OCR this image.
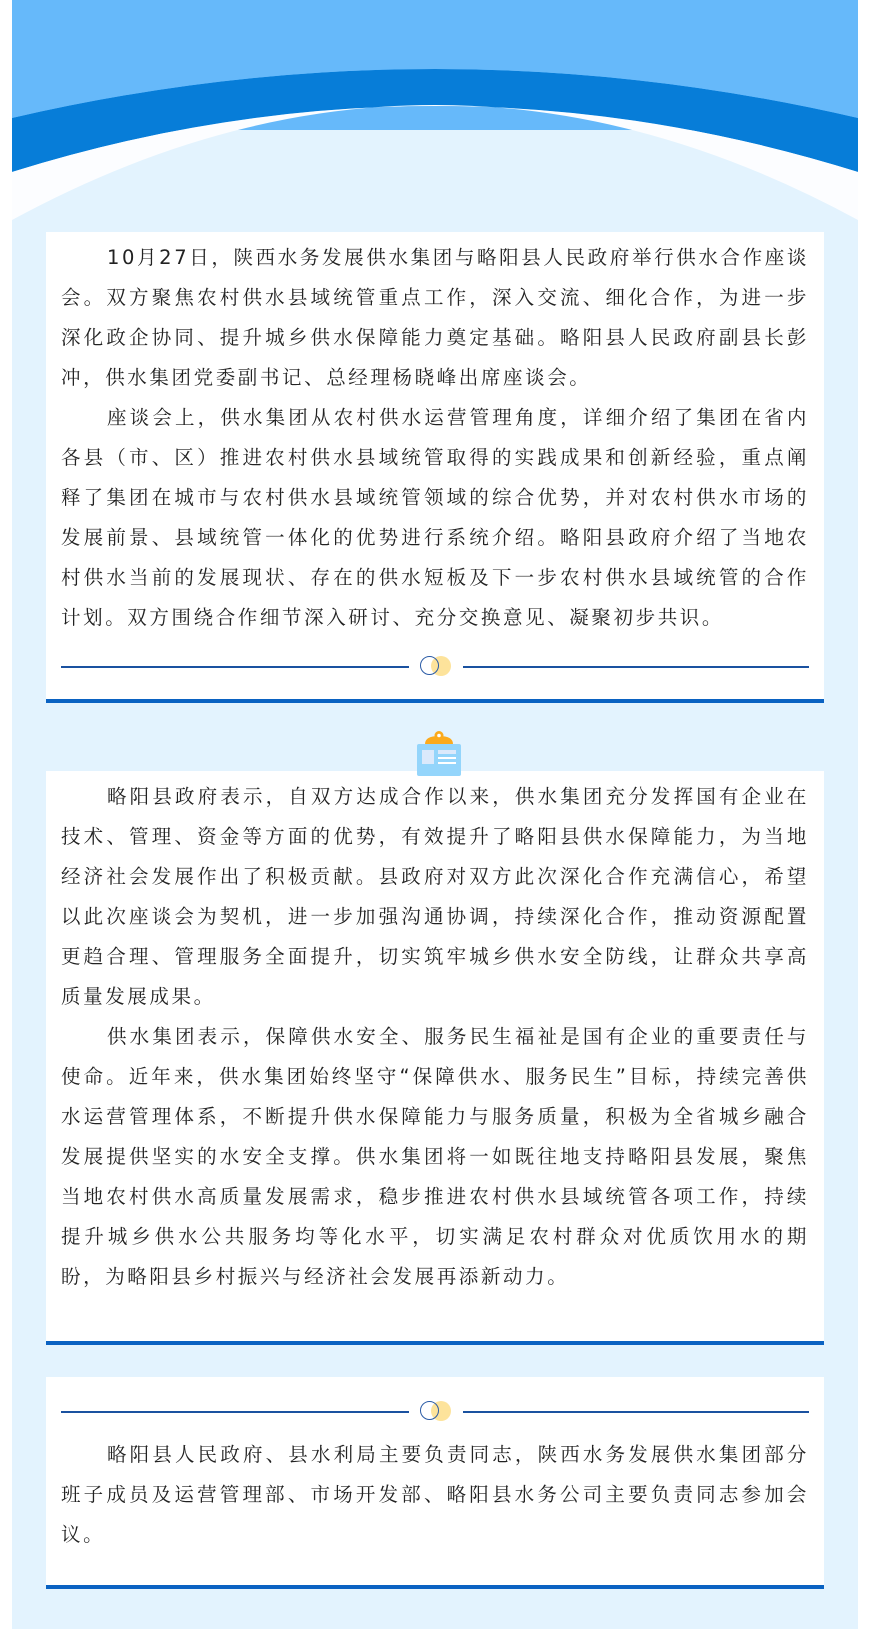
10月27日，陕西水务发展供水集团与略阳县人民政府举行供水合作座谈会。双方聚焦农村供水县域统管重点工作，深入交流、细化合作，为进一步深化政企协同、提升城乡供水保障能力奠定基础。略阳县人民政府副县长彭冲，供水集团党委副书记、总经理杨晓峰出席座谈会。

座谈会上，供水集团从农村供水运营管理角度，详细介绍了集团在省内各县（市、区）推进农村供水县域统管取得的实践成果和创新经验，重点阐释了集团在城市与农村供水县域统管领域的综合优势，并对农村供水市场的发展前景、县域统管一体化的优势进行系统介绍。略阳县政府介绍了当地农村供水当前的发展现状、存在的供水短板及下一步农村供水县域统管的合作计划。双方围绕合作细节深入研讨、充分交换意见、凝聚初步共识。

略阳县政府表示，自双方达成合作以来，供水集团充分发挥国有企业在技术、管理、资金等方面的优势，有效提升了略阳县供水保障能力，为当地经济社会发展作出了积极贡献。县政府对双方此次深化合作充满信心，希望以此次座谈会为契机，进一步加强沟通协调，持续深化合作，推动资源配置更趋合理、管理服务全面提升，切实筑牢城乡供水安全防线，让群众共享高质量发展成果。

供水集团表示，保障供水安全、服务民生福祉是国有企业的重要责任与使命。近年来，供水集团始终坚守“保障供水、服务民生”目标，持续完善供水运营管理体系，不断提升供水保障能力与服务质量，积极为全省城乡融合发展提供坚实的水安全支撑。供水集团将一如既往地支持略阳县发展，聚焦当地农村供水高质量发展需求，稳步推进农村供水县域统管各项工作，持续提升城乡供水公共服务均等化水平，切实满足农村群众对优质饮用水的期盼，为略阳县乡村振兴与经济社会发展再添新动力。

略阳县人民政府、县水利局主要负责同志，陕西水务发展供水集团部分班子成员及运营管理部、市场开发部、略阳县水务公司主要负责同志参加会议。
